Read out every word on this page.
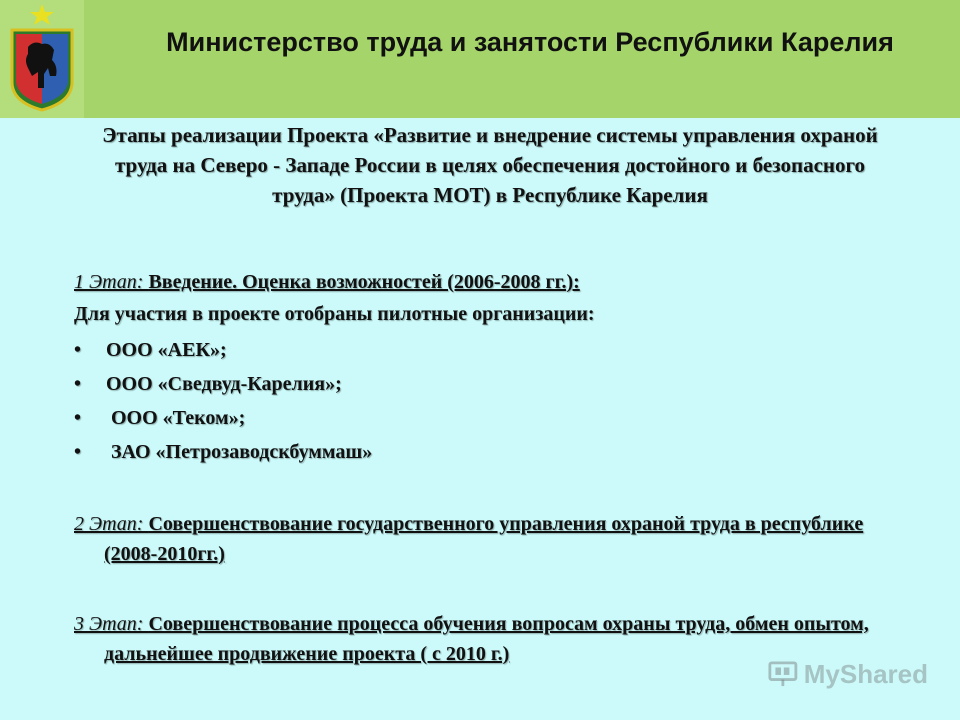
Министерство труда и занятости Республики Карелия
Этапы реализации Проекта «Развитие и внедрение системы управления охраной труда на Северо - Западе России в целях обеспечения достойного и безопасного труда» (Проекта МОТ) в Республике Карелия

1 Этап: Введение. Оценка возможностей (2006-2008 гг.):

Для участия в проекте отобраны пилотные организации:

•	ООО «АЕК»;
•	ООО «Сведвуд-Карелия»;
•	ООО «Теком»;
•	ЗАО «Петрозаводскбуммаш»

2 Этап: Совершенствование государственного управления охраной труда в республике (2008-2010гг.)

3 Этап: Совершенствование процесса обучения вопросам охраны труда, обмен опытом, дальнейшее продвижение проекта ( с 2010 г.)

MyShared
